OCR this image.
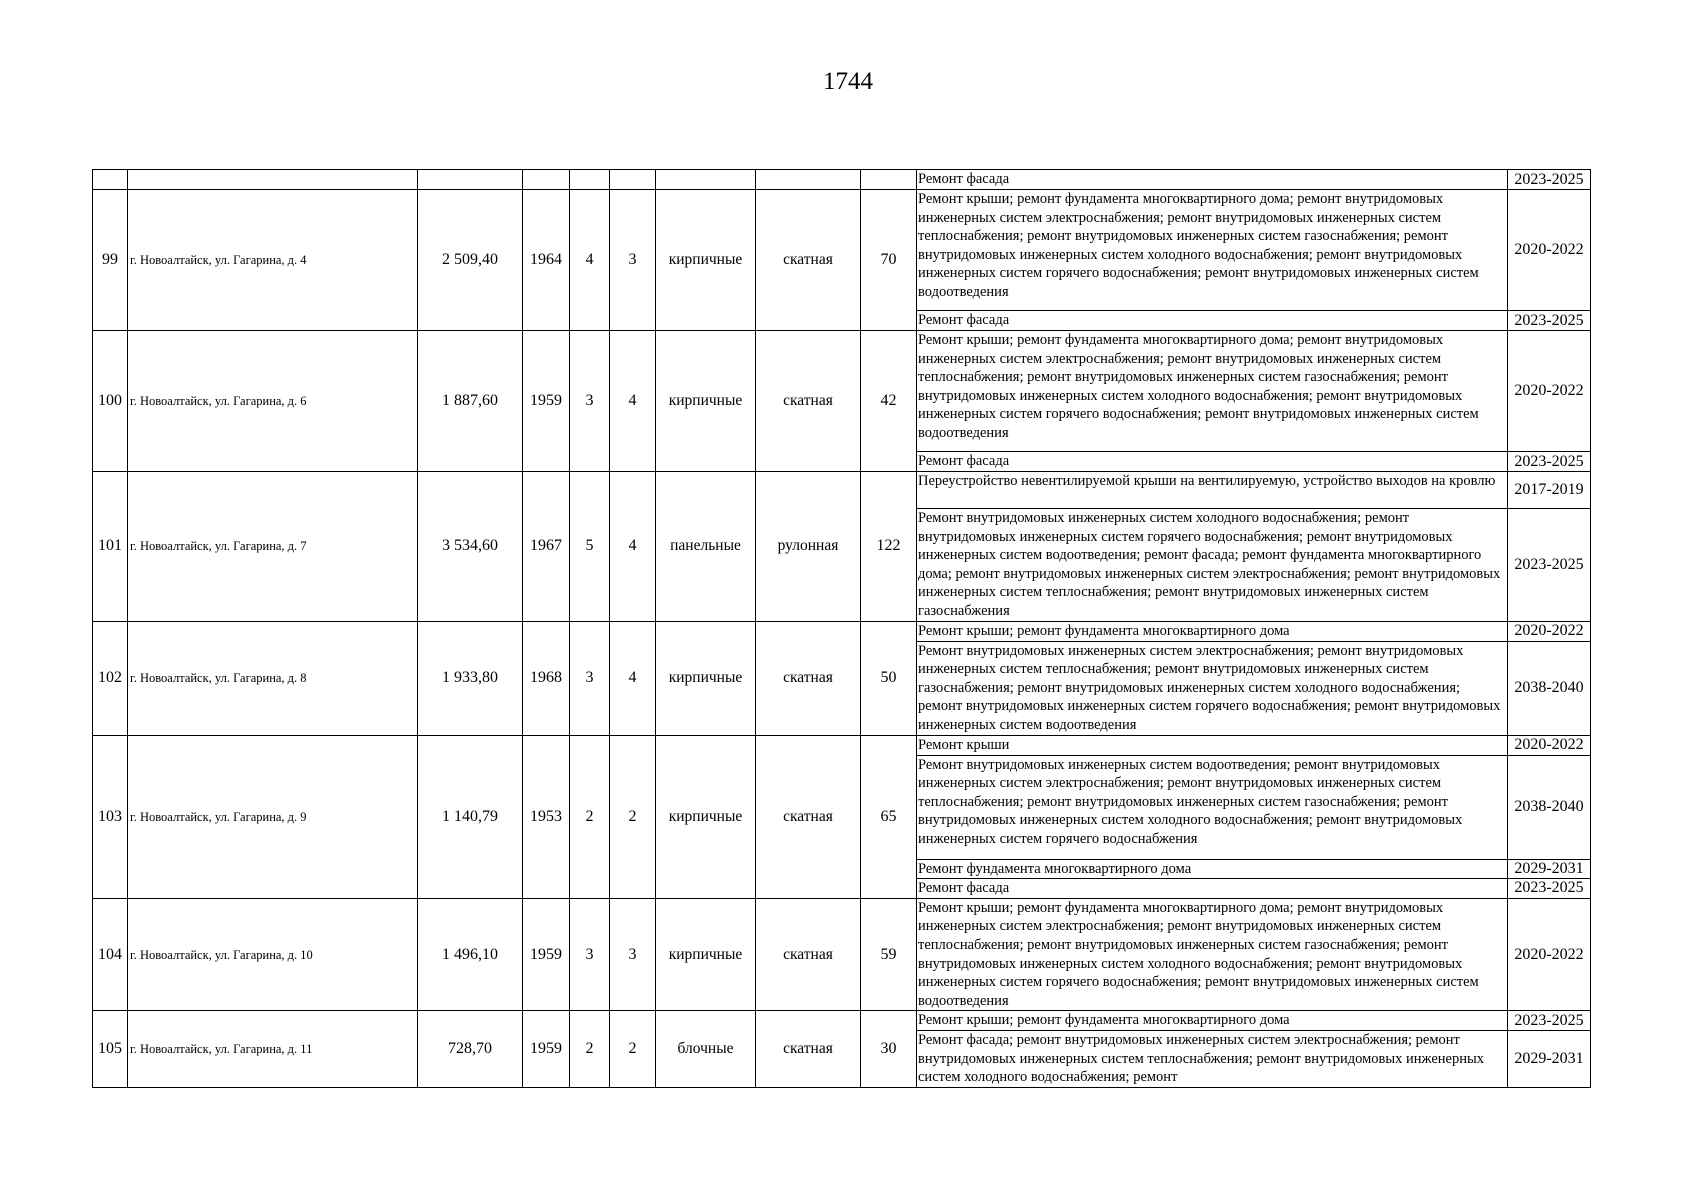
1744
									Ремонт фасада	2023-2025
99	г. Новоалтайск, ул. Гагарина, д. 4	2 509,40	1964	4	3	кирпичные	скатная	70	Ремонт крыши; ремонт фундамента многоквартирного дома; ремонт внутридомовых инженерных систем электроснабжения; ремонт внутридомовых инженерных систем теплоснабжения; ремонт внутридомовых инженерных систем газоснабжения; ремонт внутридомовых инженерных систем холодного водоснабжения; ремонт внутридомовых инженерных систем горячего водоснабжения; ремонт внутридомовых инженерных систем водоотведения	2020-2022
									Ремонт фасада	2023-2025
100	г. Новоалтайск, ул. Гагарина, д. 6	1 887,60	1959	3	4	кирпичные	скатная	42	Ремонт крыши; ремонт фундамента многоквартирного дома; ремонт внутридомовых инженерных систем электроснабжения; ремонт внутридомовых инженерных систем теплоснабжения; ремонт внутридомовых инженерных систем газоснабжения; ремонт внутридомовых инженерных систем холодного водоснабжения; ремонт внутридомовых инженерных систем горячего водоснабжения; ремонт внутридомовых инженерных систем водоотведения	2020-2022
									Ремонт фасада	2023-2025
101	г. Новоалтайск, ул. Гагарина, д. 7	3 534,60	1967	5	4	панельные	рулонная	122	Переустройство невентилируемой крыши на вентилируемую, устройство выходов на кровлю	2017-2019
									Ремонт внутридомовых инженерных систем холодного водоснабжения; ремонт внутридомовых инженерных систем горячего водоснабжения; ремонт внутридомовых инженерных систем водоотведения; ремонт фасада; ремонт фундамента многоквартирного дома; ремонт внутридомовых инженерных систем электроснабжения; ремонт внутридомовых инженерных систем теплоснабжения; ремонт внутридомовых инженерных систем газоснабжения	2023-2025
102	г. Новоалтайск, ул. Гагарина, д. 8	1 933,80	1968	3	4	кирпичные	скатная	50	Ремонт крыши; ремонт фундамента многоквартирного дома	2020-2022
									Ремонт внутридомовых инженерных систем электроснабжения; ремонт внутридомовых инженерных систем теплоснабжения; ремонт внутридомовых инженерных систем газоснабжения; ремонт внутридомовых инженерных систем холодного водоснабжения; ремонт внутридомовых инженерных систем горячего водоснабжения; ремонт внутридомовых инженерных систем водоотведения	2038-2040
103	г. Новоалтайск, ул. Гагарина, д. 9	1 140,79	1953	2	2	кирпичные	скатная	65	Ремонт крыши	2020-2022
									Ремонт внутридомовых инженерных систем водоотведения; ремонт внутридомовых инженерных систем электроснабжения; ремонт внутридомовых инженерных систем теплоснабжения; ремонт внутридомовых инженерных систем газоснабжения; ремонт внутридомовых инженерных систем холодного водоснабжения; ремонт внутридомовых инженерных систем горячего водоснабжения	2038-2040
									Ремонт фундамента многоквартирного дома	2029-2031
									Ремонт фасада	2023-2025
104	г. Новоалтайск, ул. Гагарина, д. 10	1 496,10	1959	3	3	кирпичные	скатная	59	Ремонт крыши; ремонт фундамента многоквартирного дома; ремонт внутридомовых инженерных систем электроснабжения; ремонт внутридомовых инженерных систем теплоснабжения; ремонт внутридомовых инженерных систем газоснабжения; ремонт внутридомовых инженерных систем холодного водоснабжения; ремонт внутридомовых инженерных систем горячего водоснабжения; ремонт внутридомовых инженерных систем водоотведения	2020-2022
105	г. Новоалтайск, ул. Гагарина, д. 11	728,70	1959	2	2	блочные	скатная	30	Ремонт крыши; ремонт фундамента многоквартирного дома	2023-2025
									Ремонт фасада; ремонт внутридомовых инженерных систем электроснабжения; ремонт внутридомовых инженерных систем теплоснабжения; ремонт внутридомовых инженерных систем холодного водоснабжения; ремонт	2029-2031
